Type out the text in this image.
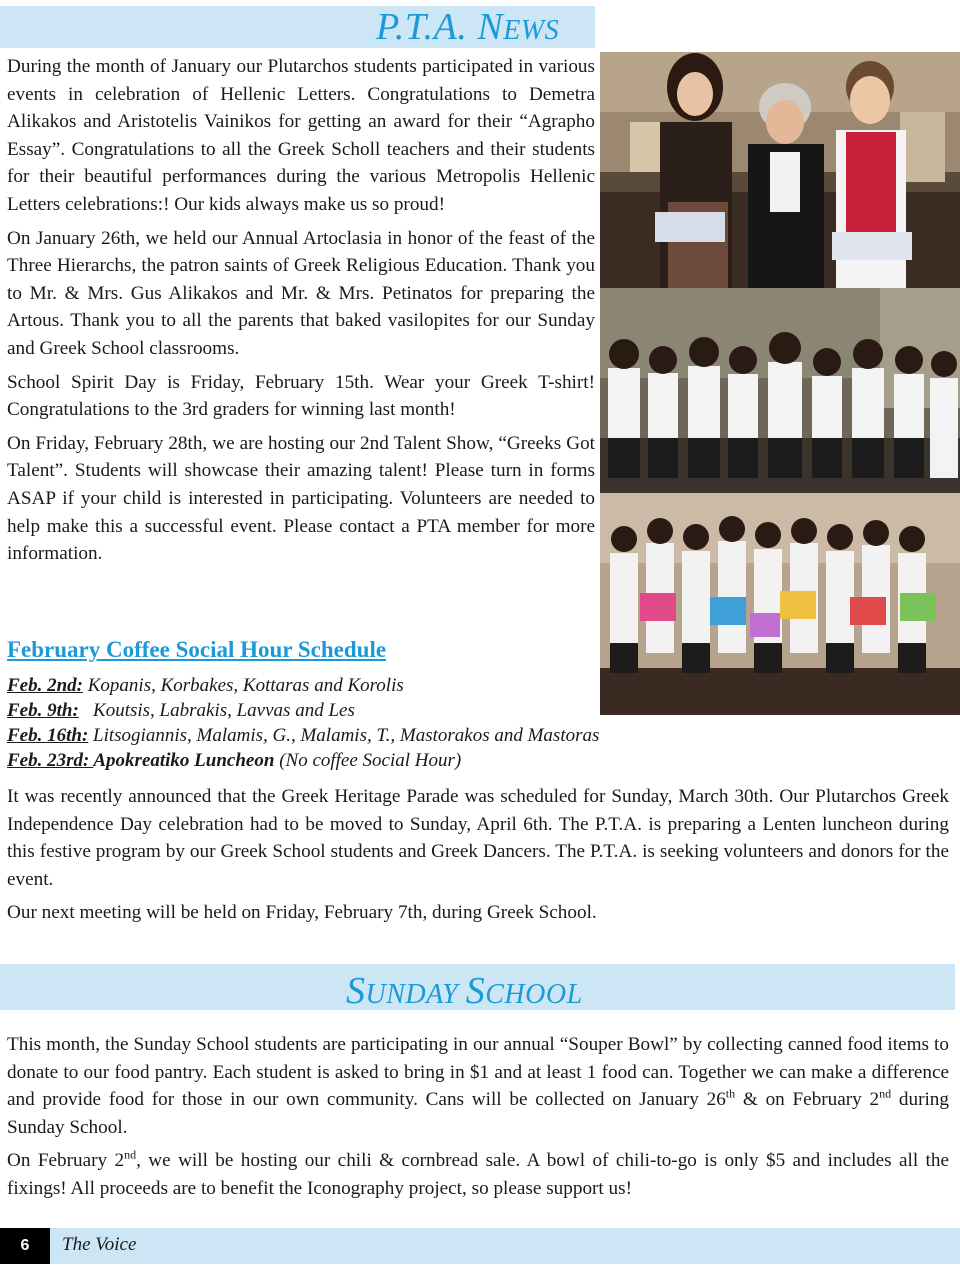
P.T.A. NEWS

During the month of January our Plutarchos students participated in various events in celebration of Hellenic Letters. Congratulations to Demetra Alikakos and Aristotelis Vainikos for getting an award for their “Agrapho Essay”. Congratulations to all the Greek Scholl teachers and their students for their beautiful performances during the various Metropolis Hellenic Letters celebrations:! Our kids always make us so proud!

On January 26th, we held our Annual Artoclasia in honor of the feast of the Three Hierarchs, the patron saints of Greek Religious Education. Thank you to Mr. & Mrs. Gus Alikakos and Mr. & Mrs. Petinatos for preparing the Artous. Thank you to all the parents that baked vasilopites for our Sunday and Greek School classrooms.

School Spirit Day is Friday, February 15th. Wear your Greek T-shirt! Congratulations to the 3rd graders for winning last month!

On Friday, February 28th, we are hosting our 2nd Talent Show, “Greeks Got Talent”. Students will showcase their amazing talent! Please turn in forms ASAP if your child is interested in participating. Volunteers are needed to help make this a successful event. Please contact a PTA member for more information.

February Coffee Social Hour Schedule
Feb. 2nd: Kopanis, Korbakes, Kottaras and Korolis
Feb. 9th:   Koutsis, Labrakis, Lavvas and Les
Feb. 16th: Litsogiannis, Malamis, G., Malamis, T., Mastorakos and Mastoras
Feb. 23rd: Apokreatiko Luncheon (No coffee Social Hour)

It was recently announced that the Greek Heritage Parade was scheduled for Sunday, March 30th. Our Plutarchos Greek Independence Day celebration had to be moved to Sunday, April 6th. The P.T.A. is preparing a Lenten luncheon during this festive program by our Greek School students and Greek Dancers. The P.T.A. is seeking volunteers and donors for the event.

Our next meeting will be held on Friday, February 7th, during Greek School.

SUNDAY SCHOOL

This month, the Sunday School students are participating in our annual “Souper Bowl” by collecting canned food items to donate to our food pantry. Each student is asked to bring in $1 and at least 1 food can. Together we can make a difference and provide food for those in our own community. Cans will be collected on January 26th & on February 2nd during Sunday School.

On February 2nd, we will be hosting our chili & cornbread sale. A bowl of chili-to-go is only $5 and includes all the fixings! All proceeds are to benefit the Iconography project, so please support us!

6	The Voice
